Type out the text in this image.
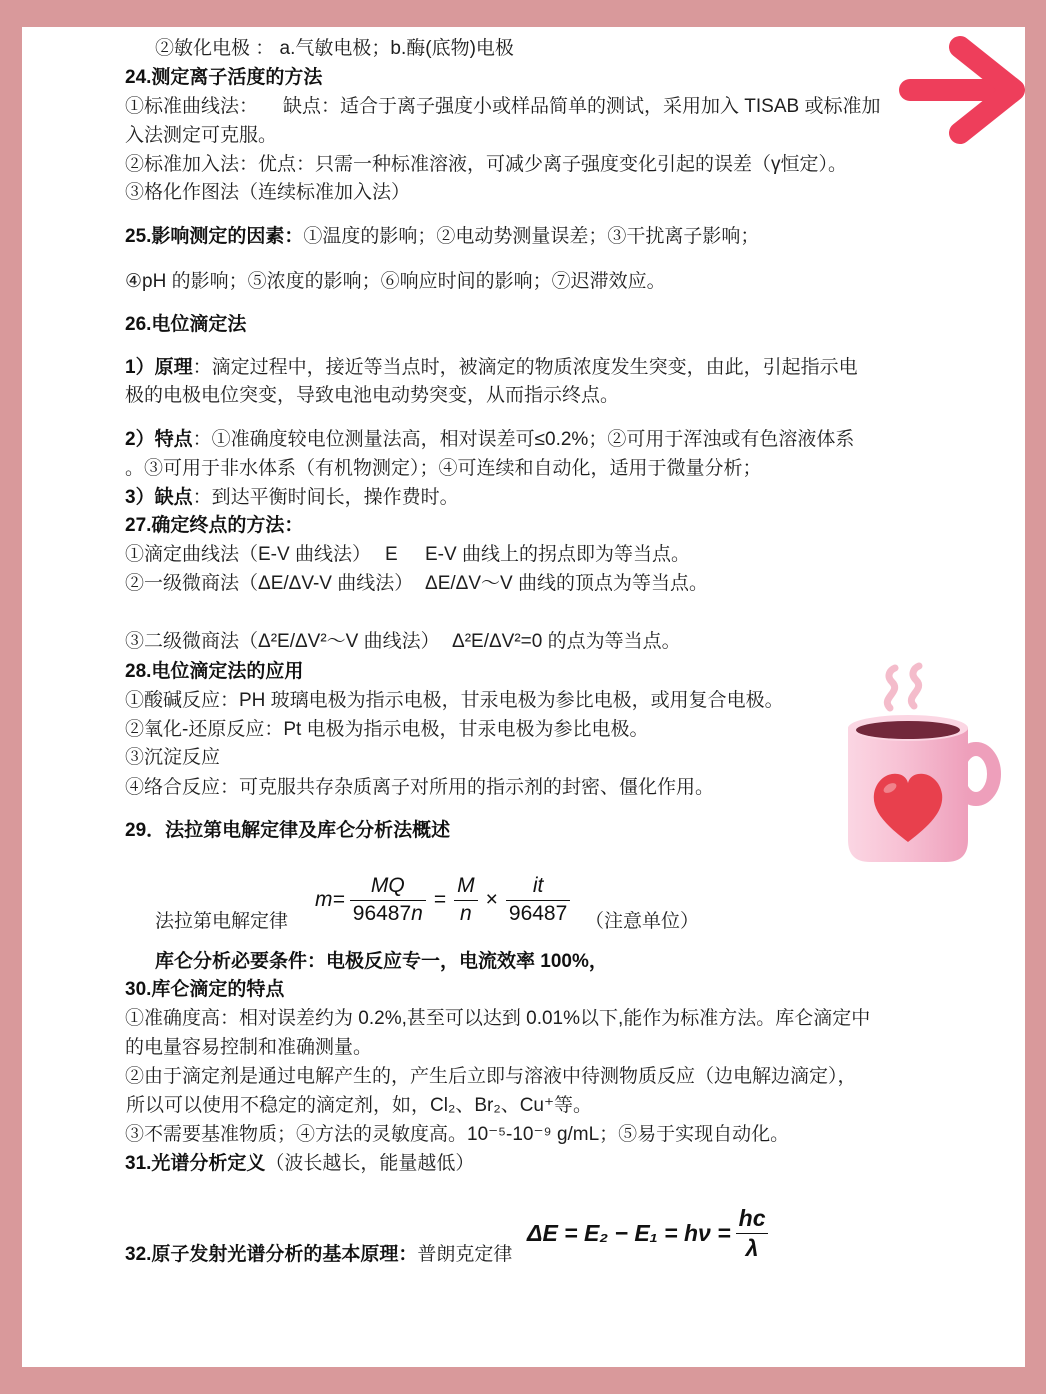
②敏化电极 ： a.气敏电极；b.酶(底物)电极
24.测定离子活度的方法
①标准曲线法： 缺点：适合于离子强度小或样品简单的测试，采用加入 TISAB 或标准加
入法测定可克服。
②标准加入法：优点：只需一种标准溶液，可减少离子强度变化引起的误差（γ恒定）。
③格化作图法（连续标准加入法）
25.影响测定的因素：①温度的影响；②电动势测量误差；③干扰离子影响；
④pH 的影响；⑤浓度的影响；⑥响应时间的影响；⑦迟滞效应。
26.电位滴定法
1）原理：滴定过程中，接近等当点时，被滴定的物质浓度发生突变，由此，引起指示电
极的电极电位突变，导致电池电动势突变，从而指示终点。
2）特点：①准确度较电位测量法高，相对误差可≤0.2%；②可用于浑浊或有色溶液体系
。③可用于非水体系（有机物测定）；④可连续和自动化，适用于微量分析；
3）缺点：到达平衡时间长，操作费时。
27.确定终点的方法：
①滴定曲线法（E-V 曲线法） E E-V 曲线上的拐点即为等当点。
②一级微商法（ΔE/ΔV-V 曲线法） ΔE/ΔV～V 曲线的顶点为等当点。
③二级微商法（Δ²E/ΔV²～V 曲线法） Δ²E/ΔV²=0 的点为等当点。
28.电位滴定法的应用
①酸碱反应：PH 玻璃电极为指示电极，甘汞电极为参比电极，或用复合电极。
②氧化-还原反应：Pt 电极为指示电极，甘汞电极为参比电极。
③沉淀反应
④络合反应：可克服共存杂质离子对所用的指示剂的封密、僵化作用。
29．法拉第电解定律及库仑分析法概述
法拉第电解定律
$m= \frac{MQ}{96487n} = \frac{M}{n} \times \frac{it}{96487}$ （注意单位）
库仑分析必要条件：电极反应专一，电流效率 100%，
30.库仑滴定的特点
①准确度高：相对误差约为 0.2%,甚至可以达到 0.01%以下,能作为标准方法。库仑滴定中
的电量容易控制和准确测量。
②由于滴定剂是通过电解产生的，产生后立即与溶液中待测物质反应（边电解边滴定），
所以可以使用不稳定的滴定剂，如，Cl₂、Br₂、Cu⁺等。
③不需要基准物质；④方法的灵敏度高。10⁻⁵-10⁻⁹ g/mL；⑤易于实现自动化。
31.光谱分析定义（波长越长，能量越低）
$\Delta E = E_2 - E_1 = h\nu = \frac{hc}{\lambda}$
32.原子发射光谱分析的基本原理：普朗克定律
